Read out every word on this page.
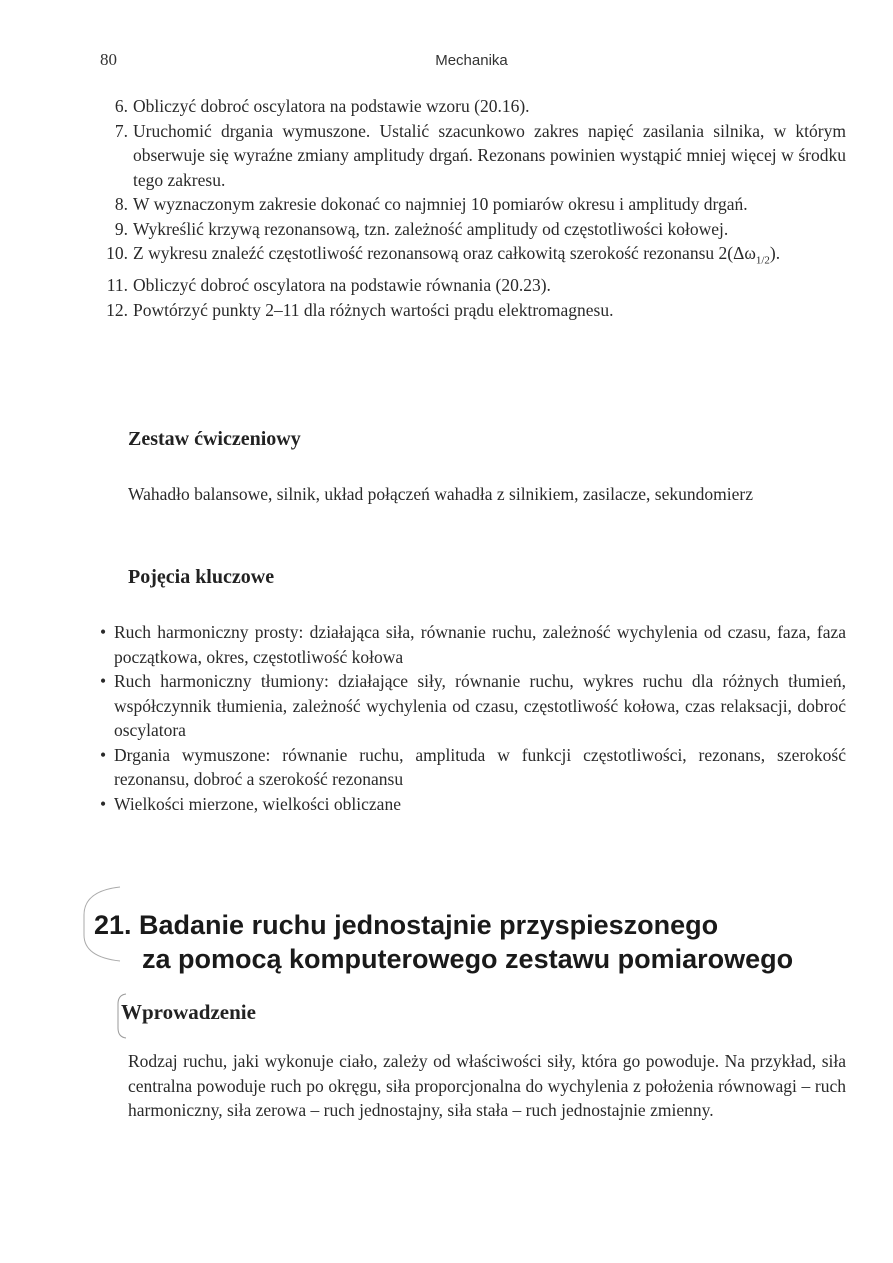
80	Mechanika
6. Obliczyć dobroć oscylatora na podstawie wzoru (20.16).
7. Uruchomić drgania wymuszone. Ustalić szacunkowo zakres napięć zasilania silnika, w którym obserwuje się wyraźne zmiany amplitudy drgań. Rezonans powinien wystąpić mniej więcej w środku tego zakresu.
8. W wyznaczonym zakresie dokonać co najmniej 10 pomiarów okresu i amplitudy drgań.
9. Wykreślić krzywą rezonansową, tzn. zależność amplitudy od częstotliwości kołowej.
10. Z wykresu znaleźć częstotliwość rezonansową oraz całkowitą szerokość rezonansu $2(\Delta\omega_{1/2})$.
11. Obliczyć dobroć oscylatora na podstawie równania (20.23).
12. Powtórzyć punkty 2–11 dla różnych wartości prądu elektromagnesu.
Zestaw ćwiczeniowy
Wahadło balansowe, silnik, układ połączeń wahadła z silnikiem, zasilacze, sekundomierz
Pojęcia kluczowe
• Ruch harmoniczny prosty: działająca siła, równanie ruchu, zależność wychylenia od czasu, faza, faza początkowa, okres, częstotliwość kołowa
• Ruch harmoniczny tłumiony: działające siły, równanie ruchu, wykres ruchu dla różnych tłumień, współczynnik tłumienia, zależność wychylenia od czasu, częstotliwość kołowa, czas relaksacji, dobroć oscylatora
• Drgania wymuszone: równanie ruchu, amplituda w funkcji częstotliwości, rezonans, szerokość rezonansu, dobroć a szerokość rezonansu
• Wielkości mierzone, wielkości obliczane
21. Badanie ruchu jednostajnie przyspieszonego
za pomocą komputerowego zestawu pomiarowego
Wprowadzenie
Rodzaj ruchu, jaki wykonuje ciało, zależy od właściwości siły, która go powoduje. Na przykład, siła centralna powoduje ruch po okręgu, siła proporcjonalna do wychylenia z położenia równowagi – ruch harmoniczny, siła zerowa – ruch jednostajny, siła stała – ruch jednostajnie zmienny.
